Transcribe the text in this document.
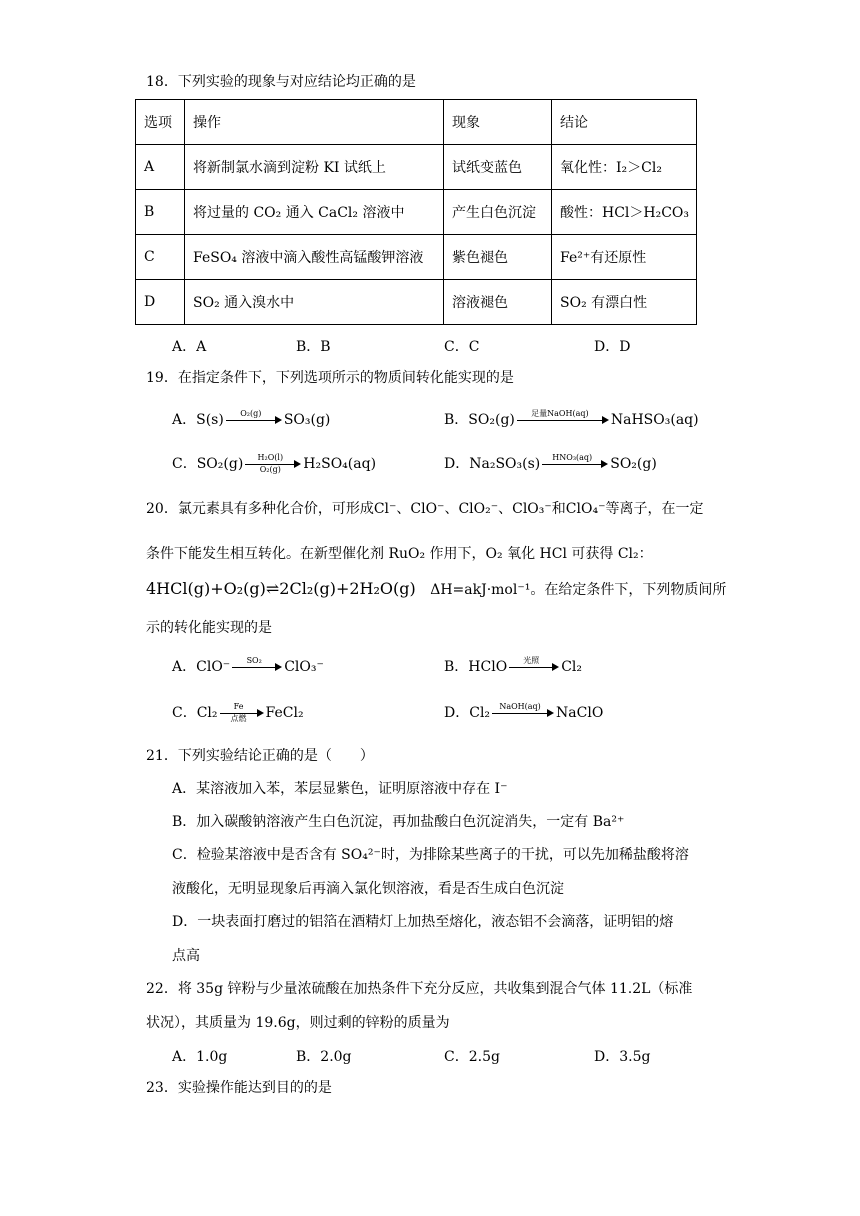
18．下列实验的现象与对应结论均正确的是
选项	操作	现象	结论
A	将新制氯水滴到淀粉 KI 试纸上	试纸变蓝色	氧化性：I₂＞Cl₂
B	将过量的 CO₂ 通入 CaCl₂ 溶液中	产生白色沉淀	酸性：HCl＞H₂CO₃
C	FeSO₄ 溶液中滴入酸性高锰酸钾溶液	紫色褪色	Fe²⁺有还原性
D	SO₂ 通入溴水中	溶液褪色	SO₂ 有漂白性
A．A	B．B	C．C	D．D
19．在指定条件下，下列选项所示的物质间转化能实现的是
A．S(s)	O₂(g)	SO₃(g)	B．SO₂(g)	足量NaOH(aq)	NaHSO₃(aq)
C．SO₂(g)	H₂O(l)
O₂(g)	H₂SO₄(aq)	D．Na₂SO₃(s)	HNO₃(aq)	SO₂(g)
20．氯元素具有多种化合价，可形成Cl⁻、ClO⁻、ClO₂⁻、ClO₃⁻和ClO₄⁻等离子，在一定
条件下能发生相互转化。在新型催化剂 RuO₂ 作用下，O₂ 氧化 HCl 可获得 Cl₂：
4HCl(g)+O₂(g)⇌2Cl₂(g)+2H₂O(g) ΔH=akJ·mol⁻¹。在给定条件下，下列物质间所
示的转化能实现的是
A．ClO⁻	SO₂	ClO₃⁻	B．HClO	光照	Cl₂
C．Cl₂	Fe
点燃	FeCl₂	D．Cl₂	NaOH(aq)	NaClO
21．下列实验结论正确的是（　　）
A．某溶液加入苯，苯层显紫色，证明原溶液中存在 I⁻
B．加入碳酸钠溶液产生白色沉淀，再加盐酸白色沉淀消失，一定有 Ba²⁺
C．检验某溶液中是否含有 SO₄²⁻时，为排除某些离子的干扰，可以先加稀盐酸将溶
液酸化，无明显现象后再滴入氯化钡溶液，看是否生成白色沉淀
D．一块表面打磨过的铝箔在酒精灯上加热至熔化，液态铝不会滴落，证明铝的熔
点高
22．将 35g 锌粉与少量浓硫酸在加热条件下充分反应，共收集到混合气体 11.2L（标准
状况），其质量为 19.6g，则过剩的锌粉的质量为
A．1.0g	B．2.0g	C．2.5g	D．3.5g
23．实验操作能达到目的的是
